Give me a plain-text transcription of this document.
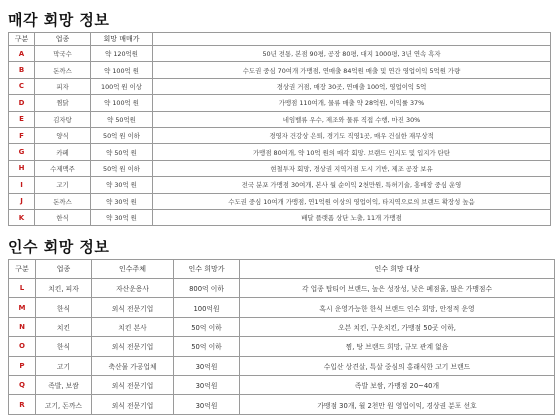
매각 회망 정보
구분	업종	회망 매매가	
A	막국수	약 120억원	50년 전통, 본점 90평, 공장 80평, 대지 1000평, 3년 연속 흑자
B	돈까스	약 100억 원	수도권 중심 70여개 가맹점, 연매출 84억원 매출 및 연간 영업이익 5억원 가량
C	피자	100억 원 이상	경상권 거점, 매장 30곳, 연매출 100억, 영업이익 5억
D	찜닭	약 100억 원	가맹점 110여개, 물류 매출 약 28억원, 이익률 37%
E	김자탕	약 50억원	네임벨류 우수, 제조와 물류 직접 수행, 마진 30%
F	양식	50억 원 이하	경영자 건강상 은퇴, 경기도 직영1곳, 매우 건실한 재무상적
G	카페	약 50억 원	가맹점 80여개, 약 10억 원의 매각 회망. 브랜드 인지도 및 입지가 탄탄
H	수제맥주	50억 원 이하	현철투자 회망, 경상권 지역거점 도시 기반, 제조 공장 보유
I	고기	약 30억 원	전국 분포 가맹점 30여개, 본사 월 순이익 2천만원, 특허기술, 홍매장 중심 운영
J	돈까스	약 30억 원	수도권 중심 10여개 가맹점, 연1억원 이상의 영업이익, 타지역으로의 브랜드 확장성 높음
K	한식	약 30억 원	배달 플랫폼 상단 노출, 11개 가맹점
인수 회망 정보
구분	업종	인수주체	인수 희망가	인수 희망 대상
L	치킨, 피자	자산운용사	800억 이하	각 업종 탑티어 브랜드, 높은 성장성, 낮은 폐점율, 많은 가맹점수
M	한식	외식 전문기업	100억원	혹시 운영가능한 한식 브랜드 인수 회망, 안정적 운영
N	치킨	치킨 본사	50억 이하	오븐 치킨, 구운치킨, 가맹점 50곳 이하,
O	한식	외식 전문기업	50억 이하	찜, 탕 브랜드 희망, 규모 관계 없음
P	고기	축산물 가공업체	30억원	수입산 상견살, 특살 중심의 홍래식한 고기 브랜드
Q	족발, 보쌈	외식 전문기업	30억원	족발 보쌈, 가맹점 20~40개
R	고기, 돈까스	외식 전문기업	30억원	가맹점 30개, 월 2천만 원 영업이익, 경상권 분포 선호
